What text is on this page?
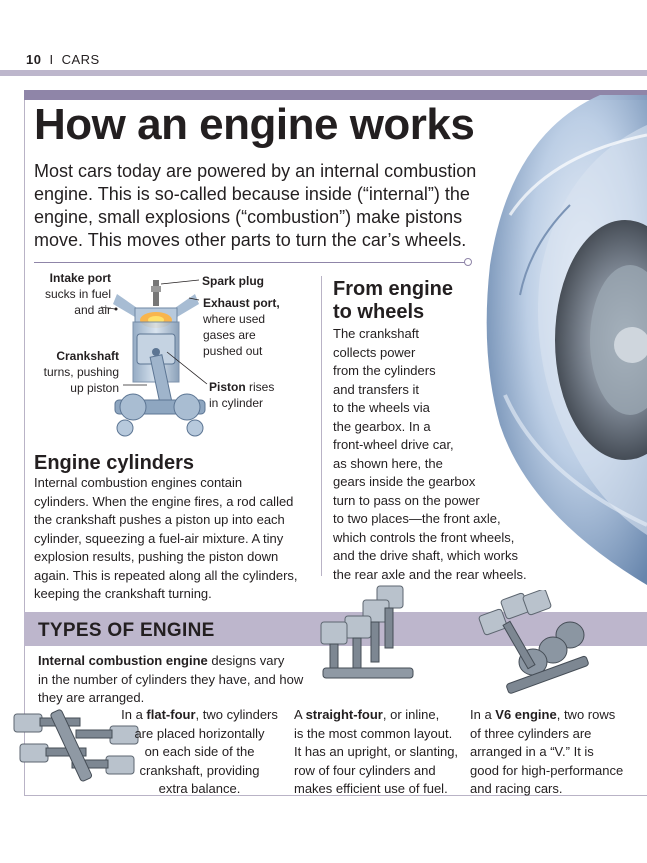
10 I CARS
How an engine works
Most cars today are powered by an internal combustion engine. This is so-called because inside (“internal”) the engine, small explosions (“combustion”) make pistons move. This moves other parts to turn the car’s wheels.
Intake port
sucks in fuel
and air
Spark plug
Exhaust port,
where used
gases are
pushed out
Crankshaft
turns, pushing
up piston	Piston rises
in cylinder
Engine cylinders
Internal combustion engines contain
cylinders. When the engine fires, a rod called
the crankshaft pushes a piston up into each
cylinder, squeezing a fuel-air mixture. A tiny
explosion results, pushing the piston down
again. This is repeated along all the cylinders,
keeping the crankshaft turning.
From engine
to wheels
The crankshaft
collects power
from the cylinders
and transfers it
to the wheels via
the gearbox. In a
front-wheel drive car,
as shown here, the
gears inside the gearbox
turn to pass on the power
to two places—the front axle,
which controls the front wheels,
and the drive shaft, which works
the rear axle and the rear wheels.
TYPES OF ENGINE
Internal combustion engine designs vary
in the number of cylinders they have, and how
they are arranged.
In a flat-four, two cylinders
are placed horizontally
on each side of the
crankshaft, providing
extra balance.
A straight-four, or inline,
is the most common layout.
It has an upright, or slanting,
row of four cylinders and
makes efficient use of fuel.
In a V6 engine, two rows
of three cylinders are
arranged in a “V.” It is
good for high-performance
and racing cars.
